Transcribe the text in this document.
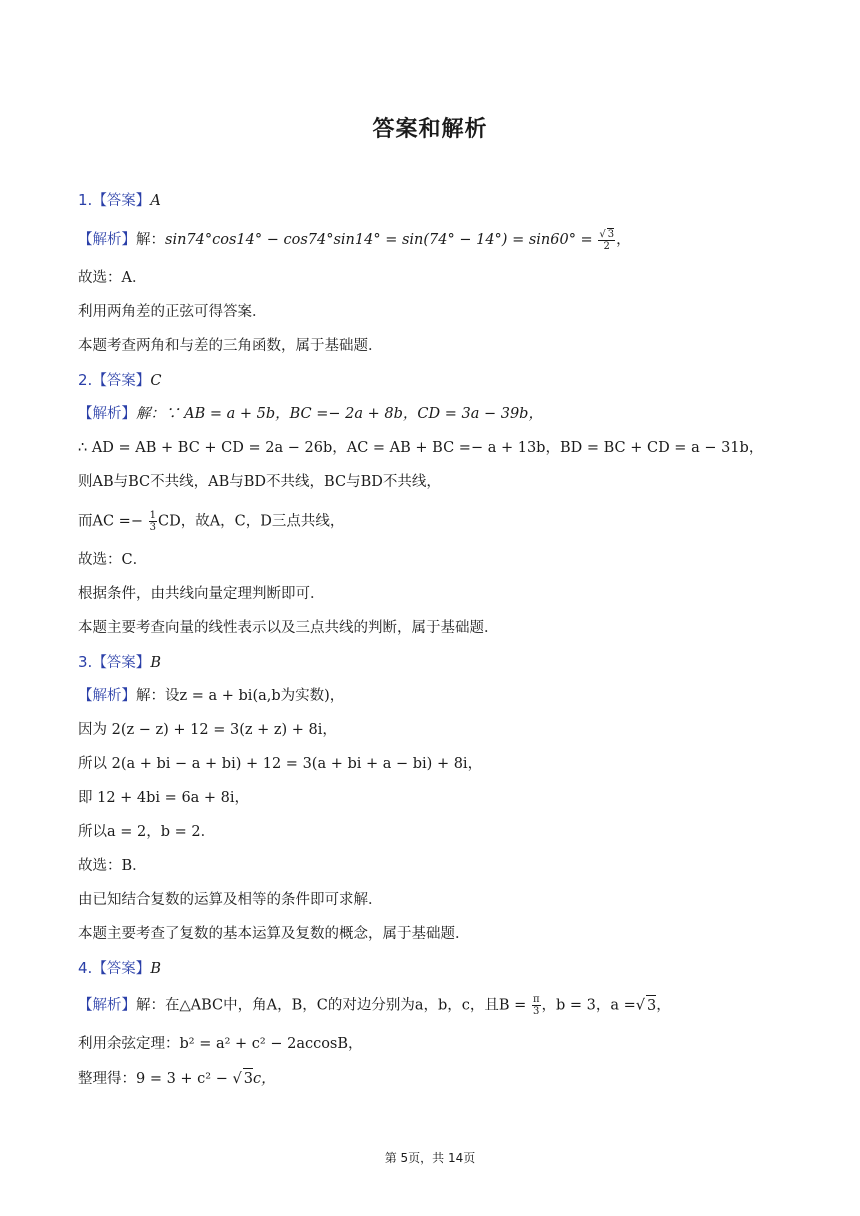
答案和解析
1.【答案】A
【解析】解：$\sin 74^\circ\cos 14^\circ - \cos 74^\circ\sin 14^\circ = \sin(74^\circ - 14^\circ) = \sin 60^\circ = \frac{√ 3}{2}$ ，
故选：A．
利用两角差的正弦可得答案．
本题考查两角和与差的三角函数，属于基础题．
2.【答案】C
【解析】解：∵ AB = a + 5b，BC =− 2a + 8b，CD = 3a − 39b，
∴ AD = AB + BC + CD = 2a − 26b，AC = AB + BC =− a + 13b，BD = BC + CD = a − 31b，
则AB与BC不共线，AB与BD不共线，BC与BD不共线，
而AC =− $\frac{1}{3}$ CD，故A，C，D三点共线，
故选：C．
根据条件，由共线向量定理判断即可．
本题主要考查向量的线性表示以及三点共线的判断，属于基础题．
3.【答案】B
【解析】解：设z = a + bi(a,b为实数)，
因为 2(z − z) + 12 = 3(z + z) + 8i，
所以 2(a + bi − a + bi) + 12 = 3(a + bi + a − bi) + 8i，
即 12 + 4bi = 6a + 8i，
所以a = 2，b = 2．
故选：B．
由已知结合复数的运算及相等的条件即可求解．
本题主要考查了复数的基本运算及复数的概念，属于基础题．
4.【答案】B
【解析】解：在△ABC中，角A，B，C的对边分别为a，b，c，且$B = \frac{\pi}{3}$ ，b = 3，a =√ 3，
利用余弦定理：b² = a² + c² − 2accosB，
整理得：9 = 3 + c² − √ 3c，
第 5页，共 14页
